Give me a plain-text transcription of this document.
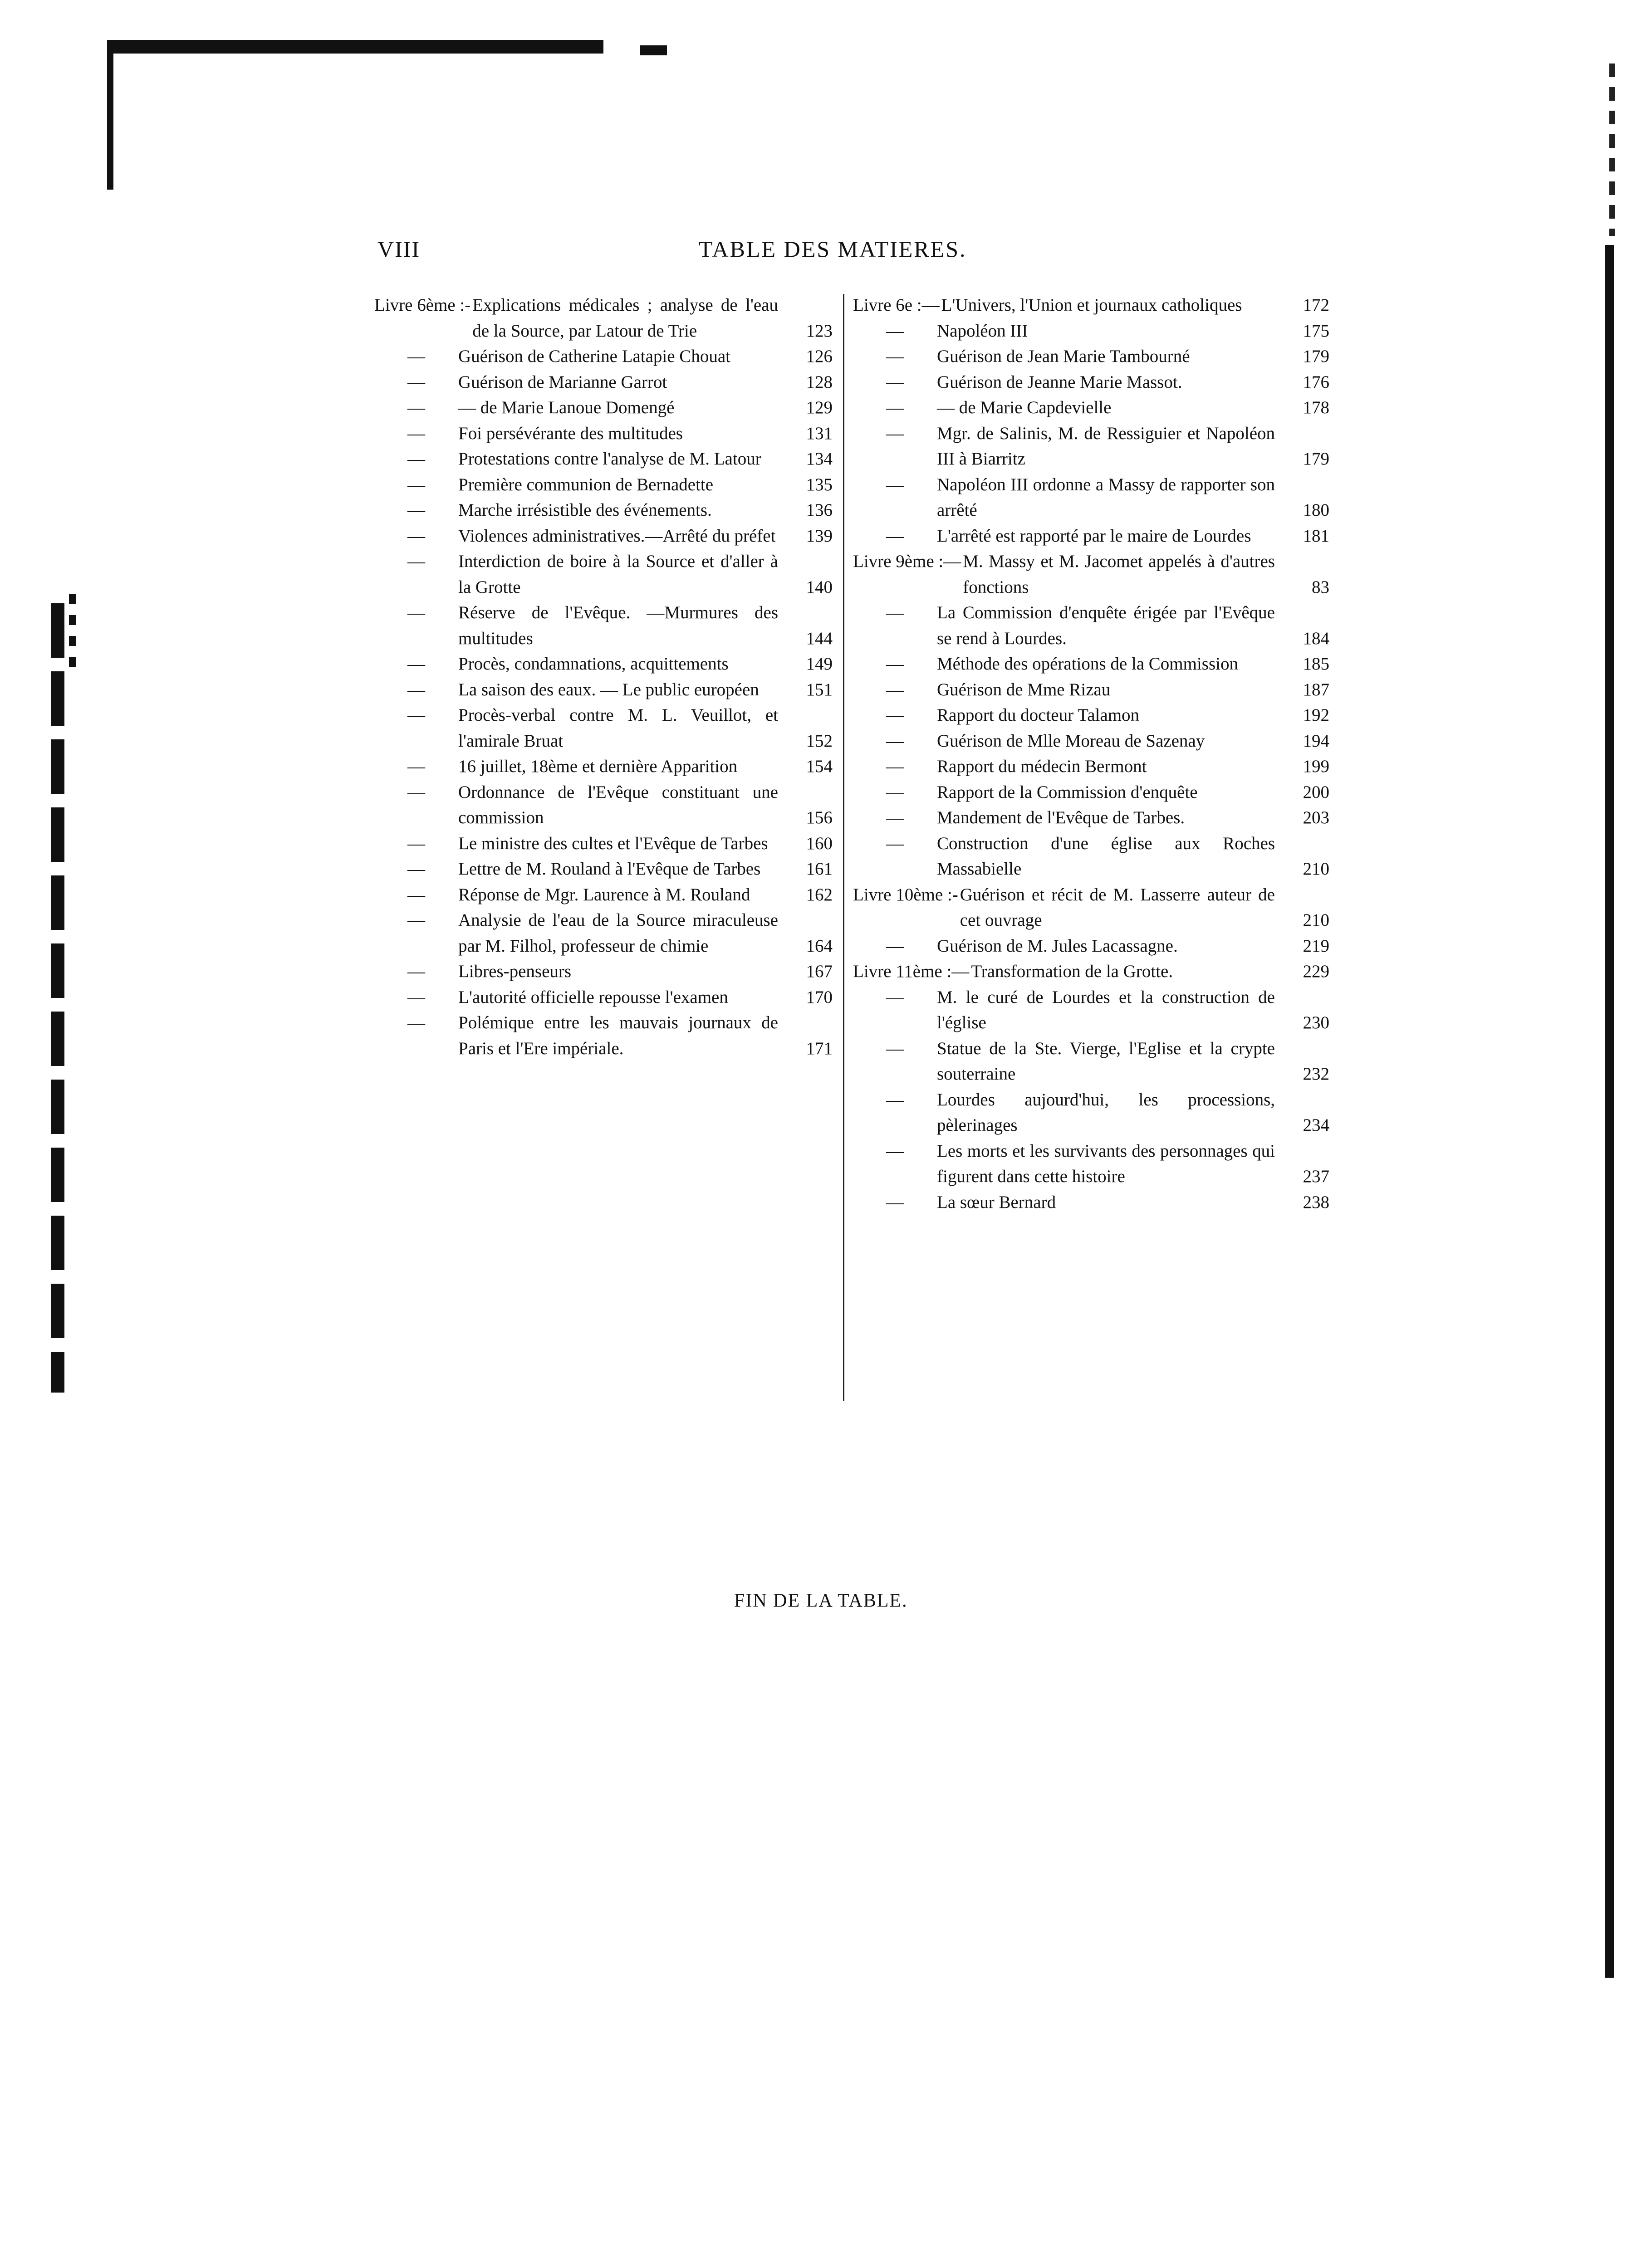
VIII	TABLE DES MATIERES.
Livre 6ème :- Explications médicales ; analyse de l'eau de la Source, par Latour de Trie	123
—	Guérison de Catherine Latapie Chouat	126
—	Guérison de Marianne Garrot	128
—	— de Marie Lanoue Domengé	129
—	Foi persévérante des multitudes	131
—	Protestations contre l'analyse de M. Latour	134
—	Première communion de Bernadette	135
—	Marche irrésistible des événements.	136
—	Violences administratives.—Arrêté du préfet	139
—	Interdiction de boire à la Source et d'aller à la Grotte	140
—	Réserve de l'Evêque. —Murmures des multitudes	144
—	Procès, condamnations, acquittements	149
—	La saison des eaux. — Le public européen	151
—	Procès-verbal contre M. L. Veuillot, et l'amirale Bruat	152
—	16 juillet, 18ème et dernière Apparition	154
—	Ordonnance de l'Evêque constituant une commission	156
—	Le ministre des cultes et l'Evêque de Tarbes	160
—	Lettre de M. Rouland à l'Evêque de Tarbes	161
—	Réponse de Mgr. Laurence à M. Rouland	162
—	Analysie de l'eau de la Source miraculeuse par M. Filhol, professeur de chimie	164
—	Libres-penseurs	167
—	L'autorité officielle repousse l'examen	170
—	Polémique entre les mauvais journaux de Paris et l'Ere impériale.	171
Livre 6e :— L'Univers, l'Union et journaux catholiques	172
—	Napoléon III	175
—	Guérison de Jean Marie Tambourné	179
—	Guérison de Jeanne Marie Massot.	176
—	— de Marie Capdevielle	178
—	Mgr. de Salinis, M. de Ressiguier et Napoléon III à Biarritz	179
—	Napoléon III ordonne a Massy de rapporter son arrêté	180
—	L'arrêté est rapporté par le maire de Lourdes	181
Livre 9ème :— M. Massy et M. Jacomet appelés à d'autres fonctions	83
—	La Commission d'enquête érigée par l'Evêque se rend à Lourdes.	184
—	Méthode des opérations de la Commission	185
—	Guérison de Mme Rizau	187
—	Rapport du docteur Talamon	192
—	Guérison de Mlle Moreau de Sazenay	194
—	Rapport du médecin Bermont	199
—	Rapport de la Commission d'enquête	200
—	Mandement de l'Evêque de Tarbes.	203
—	Construction d'une église aux Roches Massabielle	210
Livre 10ème :- Guérison et récit de M. Lasserre auteur de cet ouvrage	210
—	Guérison de M. Jules Lacassagne.	219
Livre 11ème :— Transformation de la Grotte.	229
—	M. le curé de Lourdes et la construction de l'église	230
—	Statue de la Ste. Vierge, l'Eglise et la crypte souterraine	232
—	Lourdes aujourd'hui, les processions, pèlerinages	234
—	Les morts et les survivants des personnages qui figurent dans cette histoire	237
—	La sœur Bernard	238
FIN DE LA TABLE.
